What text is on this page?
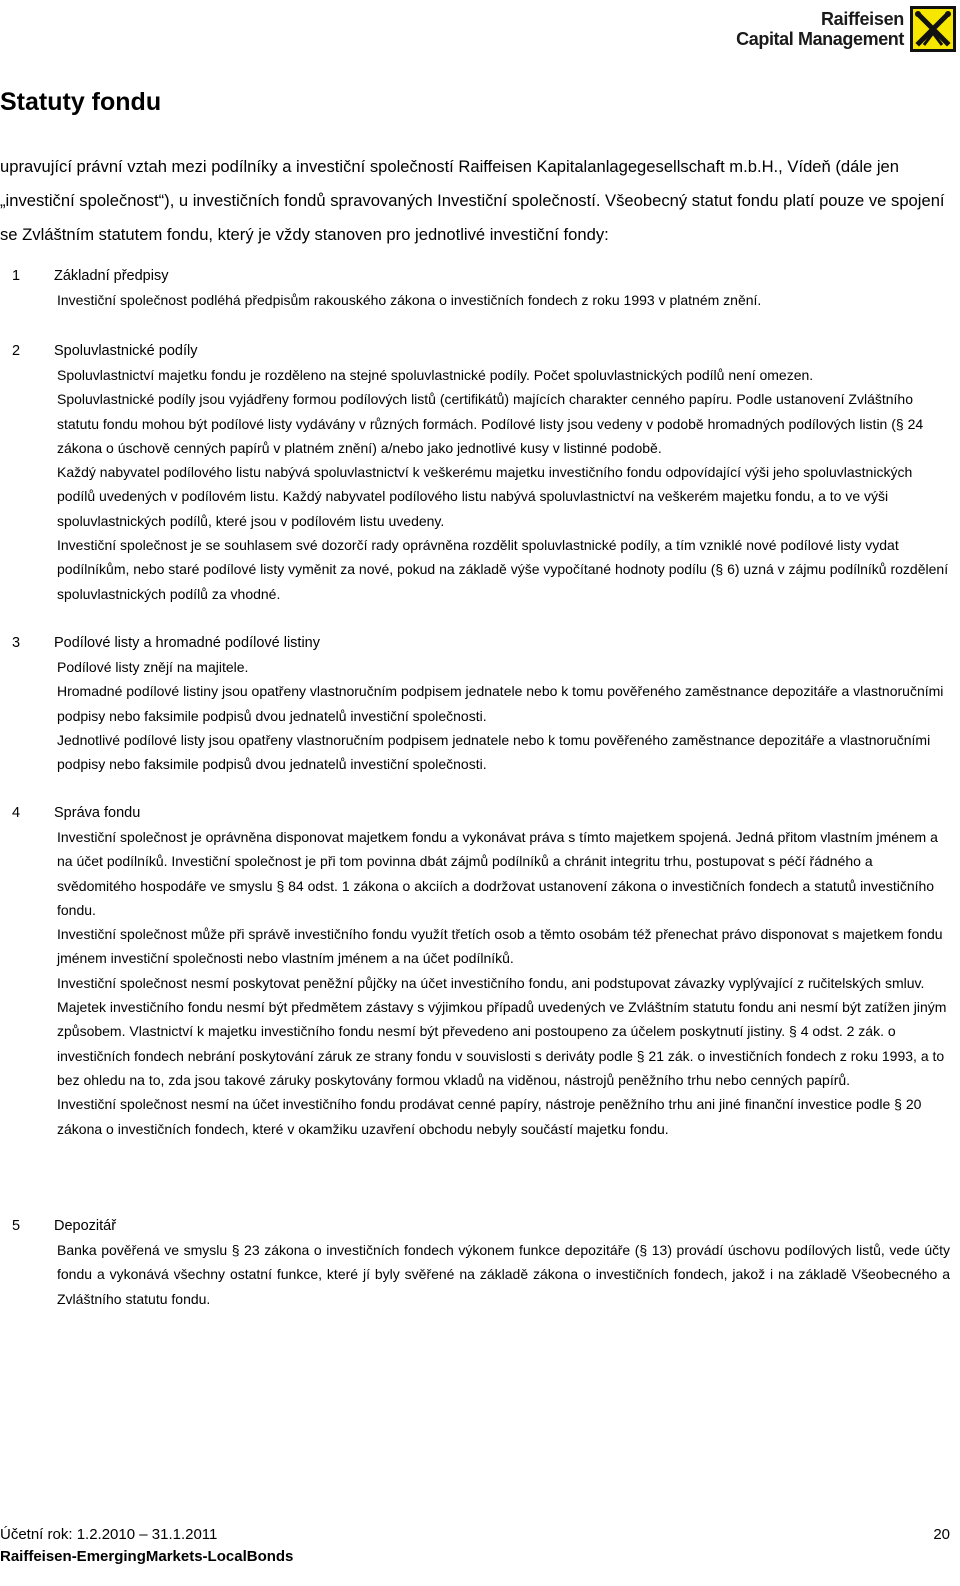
Raiffeisen
Capital Management
Statuty fondu

upravující právní vztah mezi podílníky a investiční společností Raiffeisen Kapitalanlagegesellschaft m.b.H., Vídeň (dále jen „investiční společnost“), u investičních fondů spravovaných Investiční společností. Všeobecný statut fondu platí pouze ve spojení se Zvláštním statutem fondu, který je vždy stanoven pro jednotlivé investiční fondy:

1	Základní předpisy

Investiční společnost podléhá předpisům rakouského zákona o investičních fondech z roku 1993 v platném znění.

2	Spoluvlastnické podíly

Spoluvlastnictví majetku fondu je rozděleno na stejné spoluvlastnické podíly. Počet spoluvlastnických podílů není omezen.

Spoluvlastnické podíly jsou vyjádřeny formou podílových listů (certifikátů) majících charakter cenného papíru. Podle ustanovení Zvláštního statutu fondu mohou být podílové listy vydávány v různých formách. Podílové listy jsou vedeny v podobě hromadných podílových listin (§ 24 zákona o úschově cenných papírů v platném znění) a/nebo jako jednotlivé kusy v listinné podobě.

Každý nabyvatel podílového listu nabývá spoluvlastnictví k veškerému majetku investičního fondu odpovídající výši jeho spoluvlastnických podílů uvedených v podílovém listu. Každý nabyvatel podílového listu nabývá spoluvlastnictví na veškerém majetku fondu, a to ve výši spoluvlastnických podílů, které jsou v podílovém listu uvedeny.

Investiční společnost je se souhlasem své dozorčí rady oprávněna rozdělit spoluvlastnické podíly, a tím vzniklé nové podílové listy vydat podílníkům, nebo staré podílové listy vyměnit za nové, pokud na základě výše vypočítané hodnoty podílu (§ 6) uzná v zájmu podílníků rozdělení spoluvlastnických podílů za vhodné.

3	Podílové listy a hromadné podílové listiny

Podílové listy znějí na majitele.

Hromadné podílové listiny jsou opatřeny vlastnoručním podpisem jednatele nebo k tomu pověřeného zaměstnance depozitáře a vlastnoručními podpisy nebo faksimile podpisů dvou jednatelů investiční společnosti.

Jednotlivé podílové listy jsou opatřeny vlastnoručním podpisem jednatele nebo k tomu pověřeného zaměstnance depozitáře a vlastnoručními podpisy nebo faksimile podpisů dvou jednatelů investiční společnosti.

4	Správa fondu

Investiční společnost je oprávněna disponovat majetkem fondu a vykonávat práva s tímto majetkem spojená. Jedná přitom vlastním jménem a na účet podílníků. Investiční společnost je při tom povinna dbát zájmů podílníků a chránit integritu trhu, postupovat s péčí řádného a svědomitého hospodáře ve smyslu § 84 odst. 1 zákona o akciích a dodržovat ustanovení zákona o investičních fondech a statutů investičního fondu.

Investiční společnost může při správě investičního fondu využít třetích osob a těmto osobám též přenechat právo disponovat s majetkem fondu jménem investiční společnosti nebo vlastním jménem a na účet podílníků.

Investiční společnost nesmí poskytovat peněžní půjčky na účet investičního fondu, ani podstupovat závazky vyplývající z ručitelských smluv.

Majetek investičního fondu nesmí být předmětem zástavy s výjimkou případů uvedených ve Zvláštním statutu fondu ani nesmí být zatížen jiným způsobem. Vlastnictví k majetku investičního fondu nesmí být převedeno ani postoupeno za účelem poskytnutí jistiny. § 4 odst. 2 zák. o investičních fondech nebrání poskytování záruk ze strany fondu v souvislosti s deriváty podle § 21 zák. o investičních fondech z roku 1993, a to bez ohledu na to, zda jsou takové záruky poskytovány formou vkladů na viděnou, nástrojů peněžního trhu nebo cenných papírů.

Investiční společnost nesmí na účet investičního fondu prodávat cenné papíry, nástroje peněžního trhu ani jiné finanční investice podle § 20 zákona o investičních fondech, které v okamžiku uzavření obchodu nebyly součástí majetku fondu.

5	Depozitář

Banka pověřená ve smyslu § 23 zákona o investičních fondech výkonem funkce depozitáře (§ 13) provádí úschovu podílových listů, vede účty fondu a vykonává všechny ostatní funkce, které jí byly svěřené na základě zákona o investičních fondech, jakož i na základě Všeobecného a Zvláštního statutu fondu.

Účetní rok: 1.2.2010 – 31.1.2011	20
Raiffeisen-EmergingMarkets-LocalBonds
